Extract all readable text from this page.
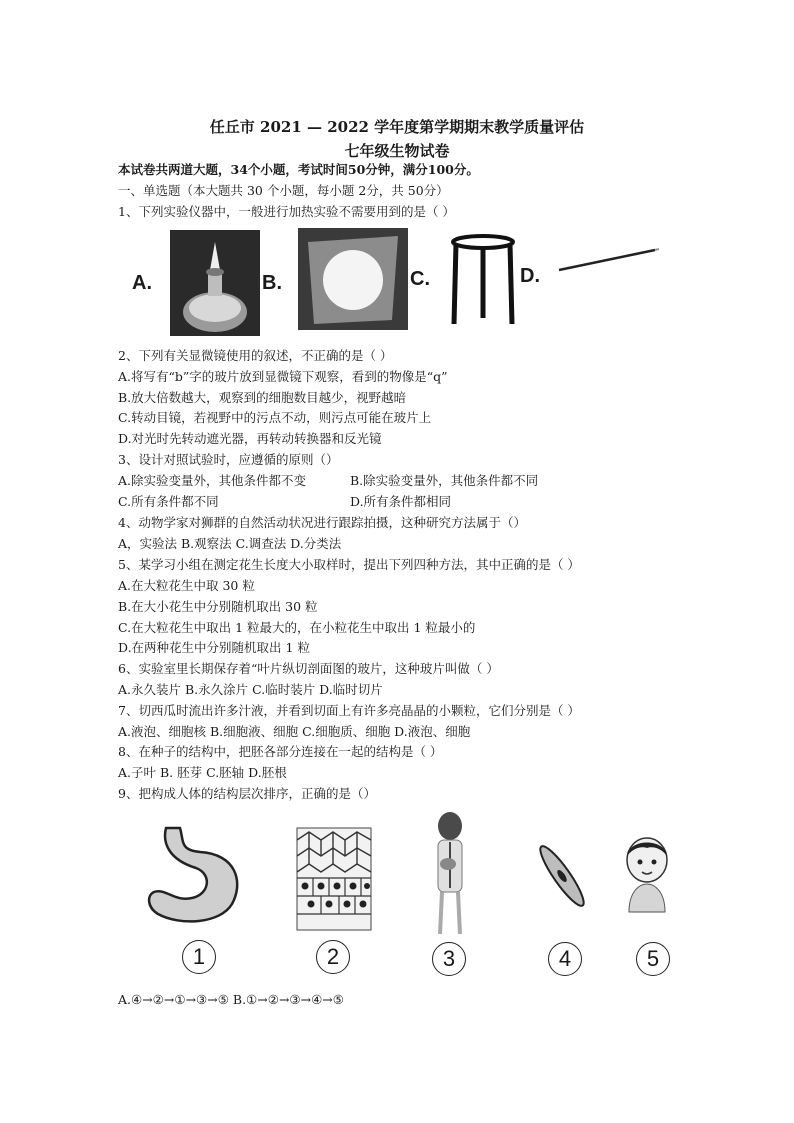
任丘市 2021 — 2022 学年度第学期期末教学质量评估
七年级生物试卷
本试卷共两道大题，34个小题，考试时间50分钟，满分100分。
一、单选题（本大题共 30 个小题，每小题 2分，共 50分）
1、下列实验仪器中，一般进行加热实验不需要用到的是（ ）
A.	B.	C.	D.
2、下列有关显微镜使用的叙述，不正确的是（ ）
A.将写有“b”字的玻片放到显微镜下观察，看到的物像是“q”
B.放大倍数越大，观察到的细胞数目越少，视野越暗
C.转动目镜，若视野中的污点不动，则污点可能在玻片上
D.对光时先转动遮光器，再转动转换器和反光镜
3、设计对照试验时，应遵循的原则（）
A.除实验变量外，其他条件都不变	B.除实验变量外，其他条件都不同
C.所有条件都不同	D.所有条件都相同
4、动物学家对狮群的自然活动状况进行跟踪拍摄，这种研究方法属于（）
A，实验法 B.观察法 C.调查法 D.分类法
5、某学习小组在测定花生长度大小取样时，提出下列四种方法，其中正确的是（ ）
A.在大粒花生中取 30 粒
B.在大小花生中分别随机取出 30 粒
C.在大粒花生中取出 1 粒最大的，在小粒花生中取出 1 粒最小的
D.在两种花生中分别随机取出 1 粒
6、实验室里长期保存着“叶片纵切剖面图的玻片，这种玻片叫做（ ）
A.永久装片 B.永久涂片 C.临时装片 D.临时切片
7、切西瓜时流出许多汁液，并看到切面上有许多亮晶晶的小颗粒，它们分别是（ ）
A.液泡、细胞核 B.细胞液、细胞 C.细胞质、细胞 D.液泡、细胞
8、在种子的结构中，把胚各部分连接在一起的结构是（ ）
A.子叶 B. 胚芽 C.胚轴 D.胚根
9、把构成人体的结构层次排序，正确的是（）
1	2	3	4	5
A.④→②→①→③→⑤ B.①→②→③→④→⑤
